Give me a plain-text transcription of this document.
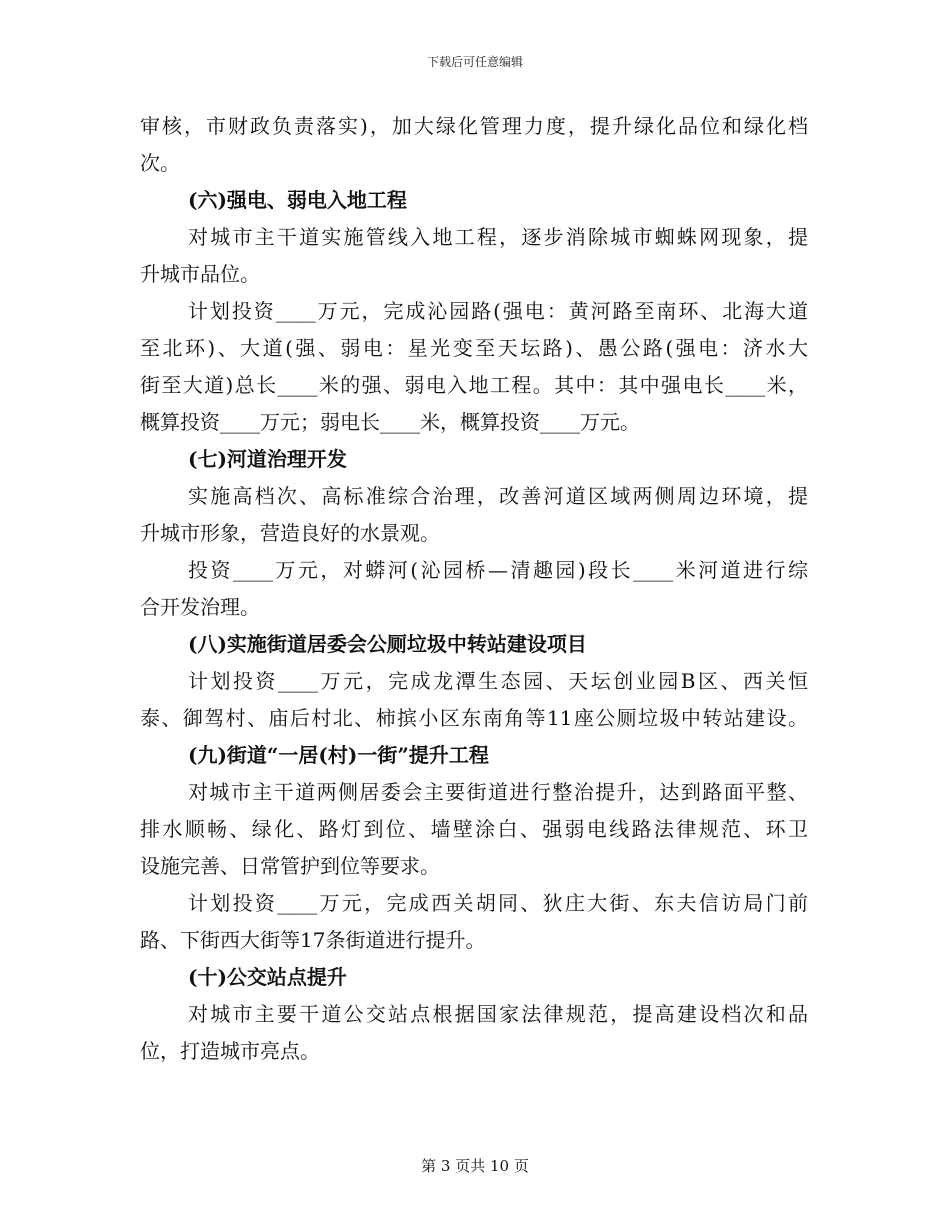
下载后可任意编辑
审核，市财政负责落实)，加大绿化管理力度，提升绿化品位和绿化档
次。
(六)强电、弱电入地工程
对城市主干道实施管线入地工程，逐步消除城市蜘蛛网现象，提
升城市品位。
计划投资____万元，完成沁园路(强电：黄河路至南环、北海大道
至北环)、大道(强、弱电：星光变至天坛路)、愚公路(强电：济水大
街至大道)总长____米的强、弱电入地工程。其中：其中强电长____米，
概算投资____万元；弱电长____米，概算投资____万元。
(七)河道治理开发
实施高档次、高标准综合治理，改善河道区域两侧周边环境，提
升城市形象，营造良好的水景观。
投资____万元，对蟒河(沁园桥—清趣园)段长____米河道进行综
合开发治理。
(八)实施街道居委会公厕垃圾中转站建设项目
计划投资____万元，完成龙潭生态园、天坛创业园B区、西关恒
泰、御驾村、庙后村北、柿摈小区东南角等11座公厕垃圾中转站建设。
(九)街道“一居(村)一街”提升工程
对城市主干道两侧居委会主要街道进行整治提升，达到路面平整、
排水顺畅、绿化、路灯到位、墙壁涂白、强弱电线路法律规范、环卫
设施完善、日常管护到位等要求。
计划投资____万元，完成西关胡同、狄庄大街、东夫信访局门前
路、下街西大街等17条街道进行提升。
(十)公交站点提升
对城市主要干道公交站点根据国家法律规范，提高建设档次和品
位，打造城市亮点。
第 3 页共 10 页
